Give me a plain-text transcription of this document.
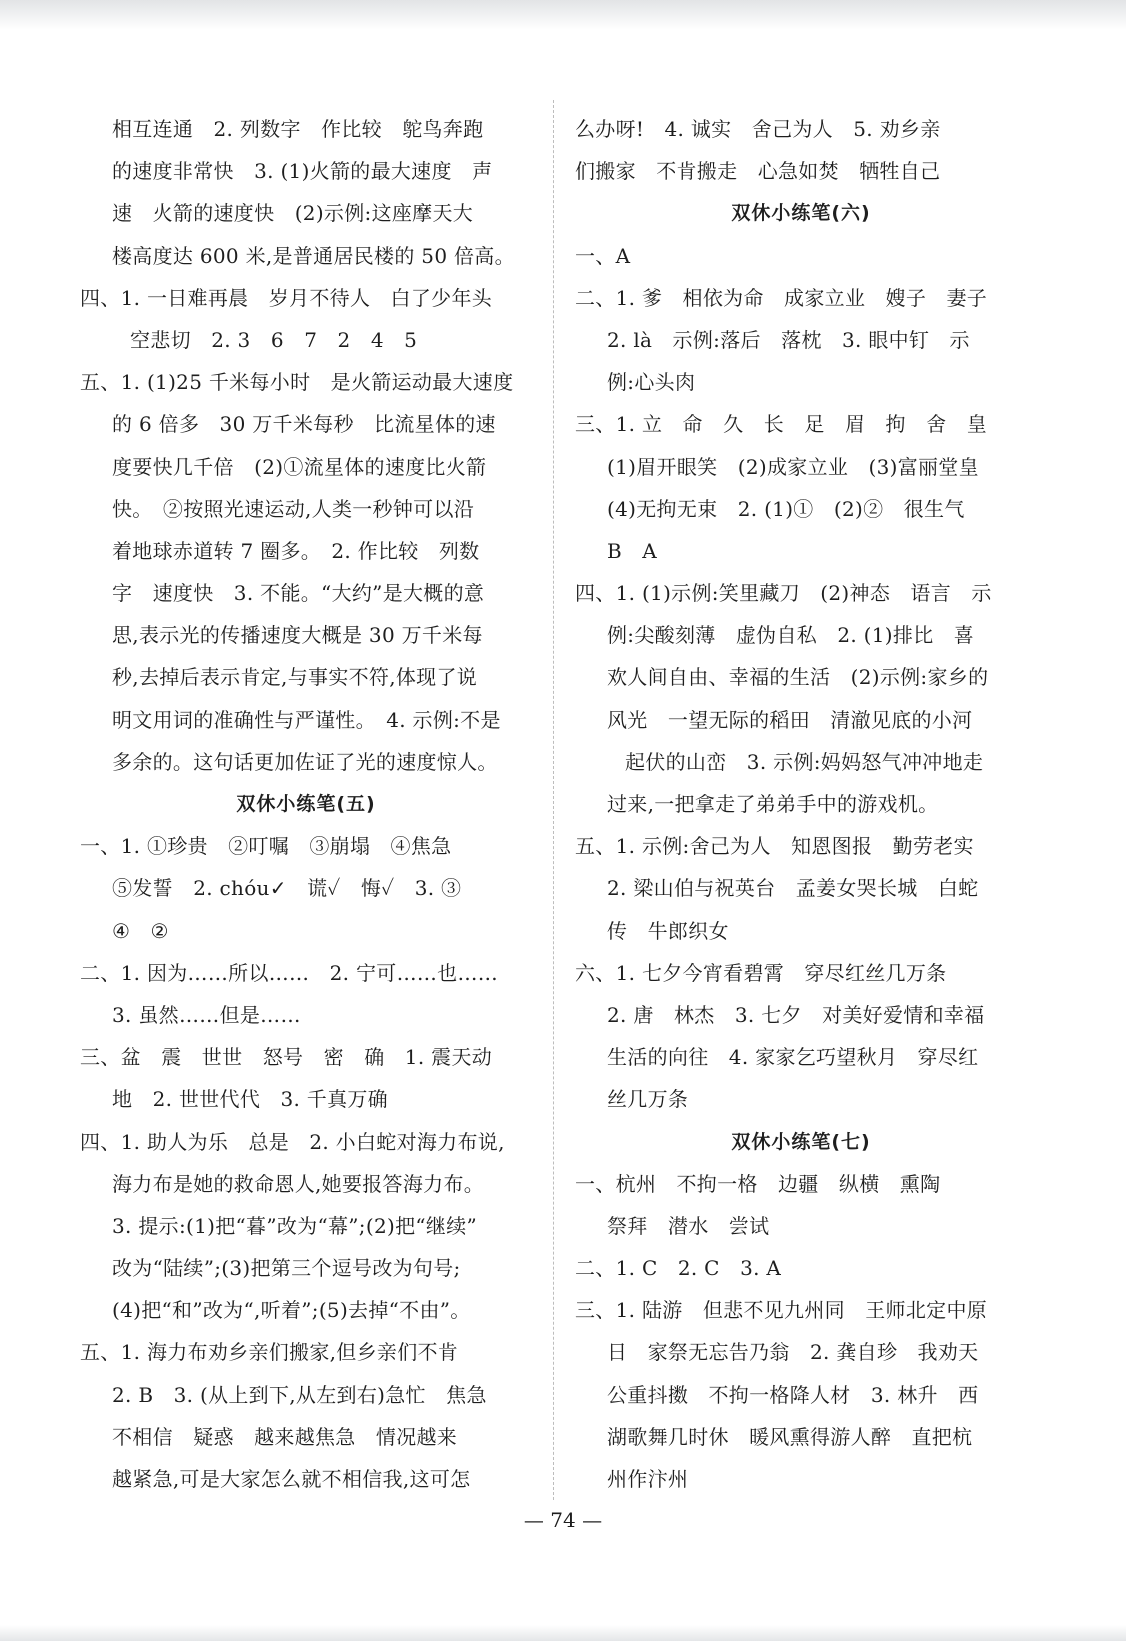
相互连通　2. 列数字　作比较　鸵鸟奔跑
的速度非常快　3. (1)火箭的最大速度　声
速　火箭的速度快　(2)示例:这座摩天大
楼高度达 600 米,是普通居民楼的 50 倍高。
四、1. 一日难再晨　岁月不待人　白了少年头
空悲切　2. 3　6　7　2　4　5
五、1. (1)25 千米每小时　是火箭运动最大速度
的 6 倍多　30 万千米每秒　比流星体的速
度要快几千倍　(2)①流星体的速度比火箭
快。　②按照光速运动,人类一秒钟可以沿
着地球赤道转 7 圈多。　2. 作比较　列数
字　速度快　3. 不能。“大约”是大概的意
思,表示光的传播速度大概是 30 万千米每
秒,去掉后表示肯定,与事实不符,体现了说
明文用词的准确性与严谨性。　4. 示例:不是
多余的。这句话更加佐证了光的速度惊人。
双休小练笔(五)
一、1. ①珍贵　②叮嘱　③崩塌　④焦急
⑤发誓　2. chóu✓　谎✓　悔✓　3. ③
④　②
二、1. 因为……所以……　2. 宁可……也……
3. 虽然……但是……
三、盆　震　世世　怒号　密　确　1. 震天动
地　2. 世世代代　3. 千真万确
四、1. 助人为乐　总是　2. 小白蛇对海力布说,
海力布是她的救命恩人,她要报答海力布。
3. 提示:(1)把“暮”改为“幕”;(2)把“继续”
改为“陆续”;(3)把第三个逗号改为句号;
(4)把“和”改为“,听着”;(5)去掉“不由”。
五、1. 海力布劝乡亲们搬家,但乡亲们不肯
2. B　3. (从上到下,从左到右)急忙　焦急
不相信　疑惑　越来越焦急　情况越来
越紧急,可是大家怎么就不相信我,这可怎
么办呀!　4. 诚实　舍己为人　5. 劝乡亲
们搬家　不肯搬走　心急如焚　牺牲自己
双休小练笔(六)
一、A
二、1. 爹　相依为命　成家立业　嫂子　妻子
2. là　示例:落后　落枕　3. 眼中钉　示
例:心头肉
三、1. 立　命　久　长　足　眉　拘　舍　皇
(1)眉开眼笑　(2)成家立业　(3)富丽堂皇
(4)无拘无束　2. (1)①　(2)②　很生气
B　A
四、1. (1)示例:笑里藏刀　(2)神态　语言　示
例:尖酸刻薄　虚伪自私　2. (1)排比　喜
欢人间自由、幸福的生活　(2)示例:家乡的
风光　一望无际的稻田　清澈见底的小河
起伏的山峦　3. 示例:妈妈怒气冲冲地走
过来,一把拿走了弟弟手中的游戏机。
五、1. 示例:舍己为人　知恩图报　勤劳老实
2. 梁山伯与祝英台　孟姜女哭长城　白蛇
传　牛郎织女
六、1. 七夕今宵看碧霄　穿尽红丝几万条
2. 唐　林杰　3. 七夕　对美好爱情和幸福
生活的向往　4. 家家乞巧望秋月　穿尽红
丝几万条
双休小练笔(七)
一、杭州　不拘一格　边疆　纵横　熏陶
祭拜　潜水　尝试
二、1. C　2. C　3. A
三、1. 陆游　但悲不见九州同　王师北定中原
日　家祭无忘告乃翁　2. 龚自珍　我劝天
公重抖擞　不拘一格降人材　3. 林升　西
湖歌舞几时休　暖风熏得游人醉　直把杭
州作汴州
— 74 —
